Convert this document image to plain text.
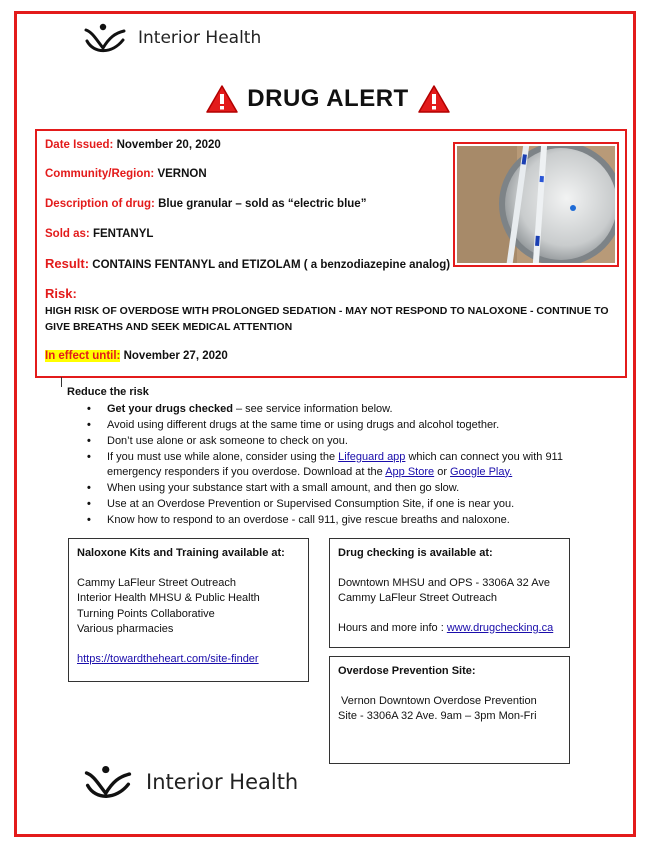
Interior Health
DRUG ALERT
Date Issued: November 20, 2020
Community/Region: VERNON
Description of drug: Blue granular – sold as “electric blue”
Sold as: FENTANYL
Result: CONTAINS FENTANYL and ETIZOLAM ( a benzodiazepine analog)
Risk:
HIGH RISK OF OVERDOSE WITH PROLONGED SEDATION - MAY NOT RESPOND TO NALOXONE - CONTINUE TO GIVE BREATHS AND SEEK MEDICAL ATTENTION
In effect until: November 27, 2020
Reduce the risk
• Get your drugs checked – see service information below.
• Avoid using different drugs at the same time or using drugs and alcohol together.
• Don’t use alone or ask someone to check on you.
• If you must use while alone, consider using the Lifeguard app which can connect you with 911 emergency responders if you overdose. Download at the App Store or Google Play.
• When using your substance start with a small amount, and then go slow.
• Use at an Overdose Prevention or Supervised Consumption Site, if one is near you.
• Know how to respond to an overdose - call 911, give rescue breaths and naloxone.
Naloxone Kits and Training available at:
Cammy LaFleur Street Outreach
Interior Health MHSU & Public Health
Turning Points Collaborative
Various pharmacies
https://towardtheheart.com/site-finder
Drug checking is available at:
Downtown MHSU and OPS - 3306A 32 Ave
Cammy LaFleur Street Outreach
Hours and more info : www.drugchecking.ca
Overdose Prevention Site:
Vernon Downtown Overdose Prevention
Site - 3306A 32 Ave. 9am – 3pm Mon-Fri
Interior Health
